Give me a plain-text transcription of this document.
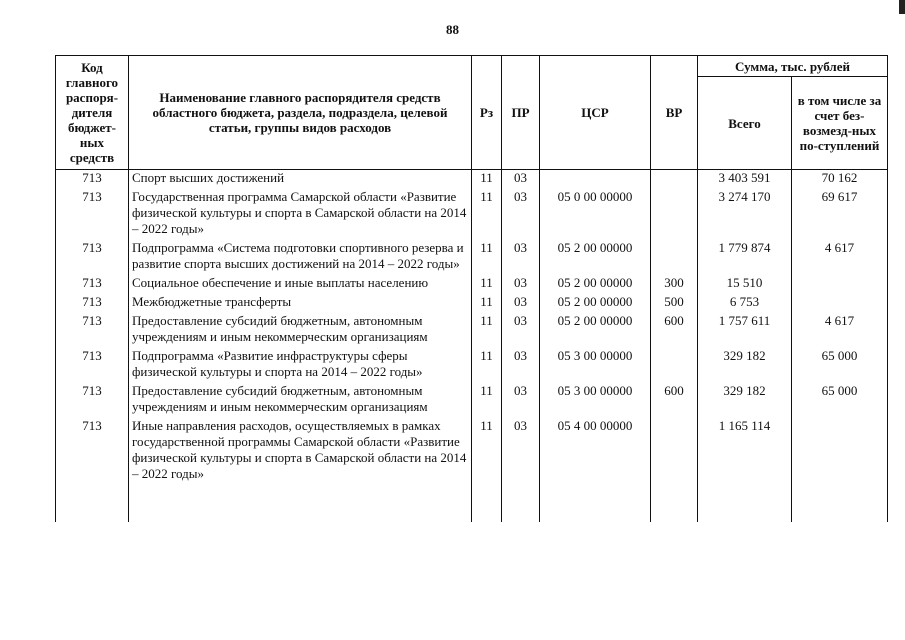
88
Код главного распоря-дителя бюджет-ных средств	Наименование главного распорядителя средств областного бюджета, раздела, подраздела, целевой статьи, группы видов расходов	Рз	ПР	ЦСР	ВР	Сумма, тыс. рублей	
						Всего	в том числе за счет без-возмезд-ных по-ступлений
713	Спорт высших достижений	11	03			3 403 591	70 162
713	Государственная программа Самарской области «Развитие физической культуры и спорта в Самарской области на 2014 – 2022 годы»	11	03	05 0 00 00000		3 274 170	69 617
713	Подпрограмма «Система подготовки спортивного резерва и развитие спорта высших достижений на 2014 – 2022 годы»	11	03	05 2 00 00000		1 779 874	4 617
713	Социальное обеспечение и иные выплаты населению	11	03	05 2 00 00000	300	15 510	
713	Межбюджетные трансферты	11	03	05 2 00 00000	500	6 753	
713	Предоставление субсидий бюджетным, автономным учреждениям и иным некоммерческим организациям	11	03	05 2 00 00000	600	1 757 611	4 617
713	Подпрограмма «Развитие инфраструктуры сферы физической культуры и спорта на 2014 – 2022 годы»	11	03	05 3 00 00000		329 182	65 000
713	Предоставление субсидий бюджетным, автономным учреждениям и иным некоммерческим организациям	11	03	05 3 00 00000	600	329 182	65 000
713	Иные направления расходов, осуществляемых в рамках государственной программы Самарской области «Развитие физической культуры и спорта в Самарской области на 2014 – 2022 годы»	11	03	05 4 00 00000		1 165 114	
